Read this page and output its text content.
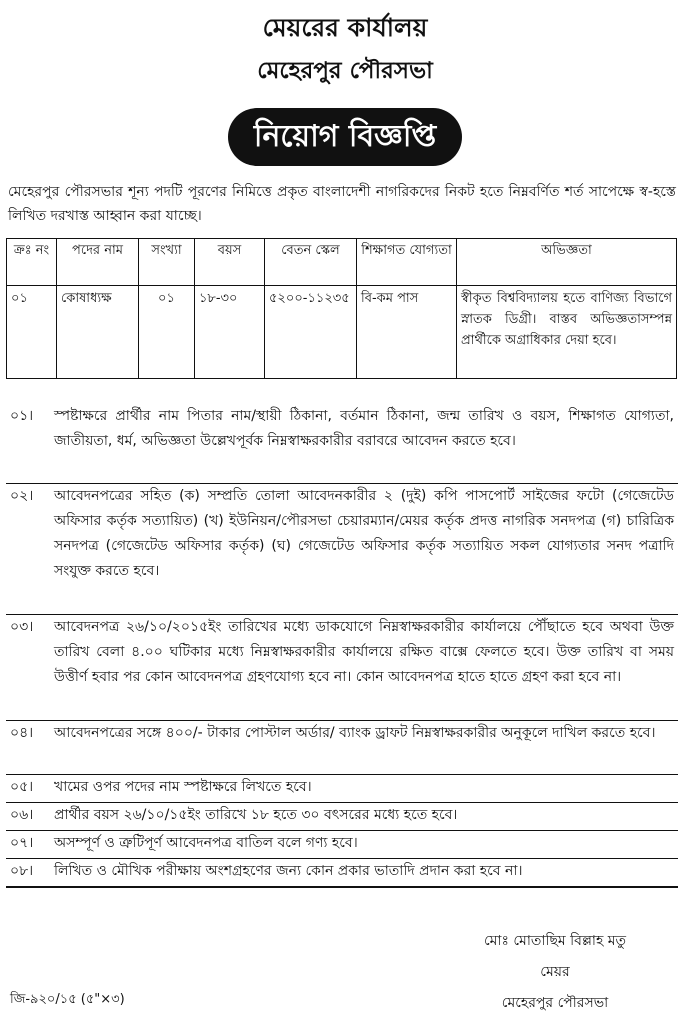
মেয়রের কার্যালয়
মেহেরপুর পৌরসভা
নিয়োগ বিজ্ঞপ্তি
মেহেরপুর পৌরসভার শূন্য পদটি পূরণের নিমিত্তে প্রকৃত বাংলাদেশী নাগরিকদের নিকট হতে নিম্নবর্ণিত শর্ত সাপেক্ষে স্ব-হস্তে লিখিত দরখাস্ত আহ্বান করা যাচ্ছে।
ক্রঃ নং	পদের নাম	সংখ্যা	বয়স	বেতন স্কেল	শিক্ষাগত যোগ্যতা	অভিজ্ঞতা
০১	কোষাধ্যক্ষ	০১	১৮-৩০	৫২০০-১১২৩৫	বি-কম পাস	স্বীকৃত বিশ্ববিদ্যালয় হতে বাণিজ্য বিভাগে স্নাতক ডিগ্রী। বাস্তব অভিজ্ঞতাসম্পন্ন প্রার্থীকে অগ্রাধিকার দেয়া হবে।
০১।	স্পষ্টাক্ষরে প্রার্থীর নাম পিতার নাম/স্থায়ী ঠিকানা, বর্তমান ঠিকানা, জন্ম তারিখ ও বয়স, শিক্ষাগত যোগ্যতা, জাতীয়তা, ধর্ম, অভিজ্ঞতা উল্লেখপূর্বক নিম্নস্বাক্ষরকারীর বরাবরে আবেদন করতে হবে।
০২।	আবেদনপত্রের সহিত (ক) সম্প্রতি তোলা আবেদনকারীর ২ (দুই) কপি পাসপোর্ট সাইজের ফটো (গেজেটেড অফিসার কর্তৃক সত্যায়িত) (খ) ইউনিয়ন/পৌরসভা চেয়ারম্যান/মেয়র কর্তৃক প্রদত্ত নাগরিক সনদপত্র (গ) চারিত্রিক সনদপত্র (গেজেটেড অফিসার কর্তৃক) (ঘ) গেজেটেড অফিসার কর্তৃক সত্যায়িত সকল যোগ্যতার সনদ পত্রাদি সংযুক্ত করতে হবে।
০৩।	আবেদনপত্র ২৬/১০/২০১৫ইং তারিখের মধ্যে ডাকযোগে নিম্নস্বাক্ষরকারীর কার্যালয়ে পৌঁছাতে হবে অথবা উক্ত তারিখ বেলা ৪.০০ ঘটিকার মধ্যে নিম্নস্বাক্ষরকারীর কার্যালয়ে রক্ষিত বাক্সে ফেলতে হবে। উক্ত তারিখ বা সময় উত্তীর্ণ হবার পর কোন আবেদনপত্র গ্রহণযোগ্য হবে না। কোন আবেদনপত্র হাতে হাতে গ্রহণ করা হবে না।
০৪।	আবেদনপত্রের সঙ্গে ৪০০/- টাকার পোস্টাল অর্ডার/ ব্যাংক ড্রাফট নিম্নস্বাক্ষরকারীর অনুকূলে দাখিল করতে হবে।
০৫।	খামের ওপর পদের নাম স্পষ্টাক্ষরে লিখতে হবে।
০৬।	প্রার্থীর বয়স ২৬/১০/১৫ইং তারিখে ১৮ হতে ৩০ বৎসরের মধ্যে হতে হবে।
০৭।	অসম্পূর্ণ ও ত্রুটিপূর্ণ আবেদনপত্র বাতিল বলে গণ্য হবে।
০৮।	লিখিত ও মৌখিক পরীক্ষায় অংশগ্রহণের জন্য কোন প্রকার ভাতাদি প্রদান করা হবে না।
মোঃ মোতাছিম বিল্লাহ মতু
মেয়র
মেহেরপুর পৌরসভা
জি-৯২০/১৫ (৫"×৩)
